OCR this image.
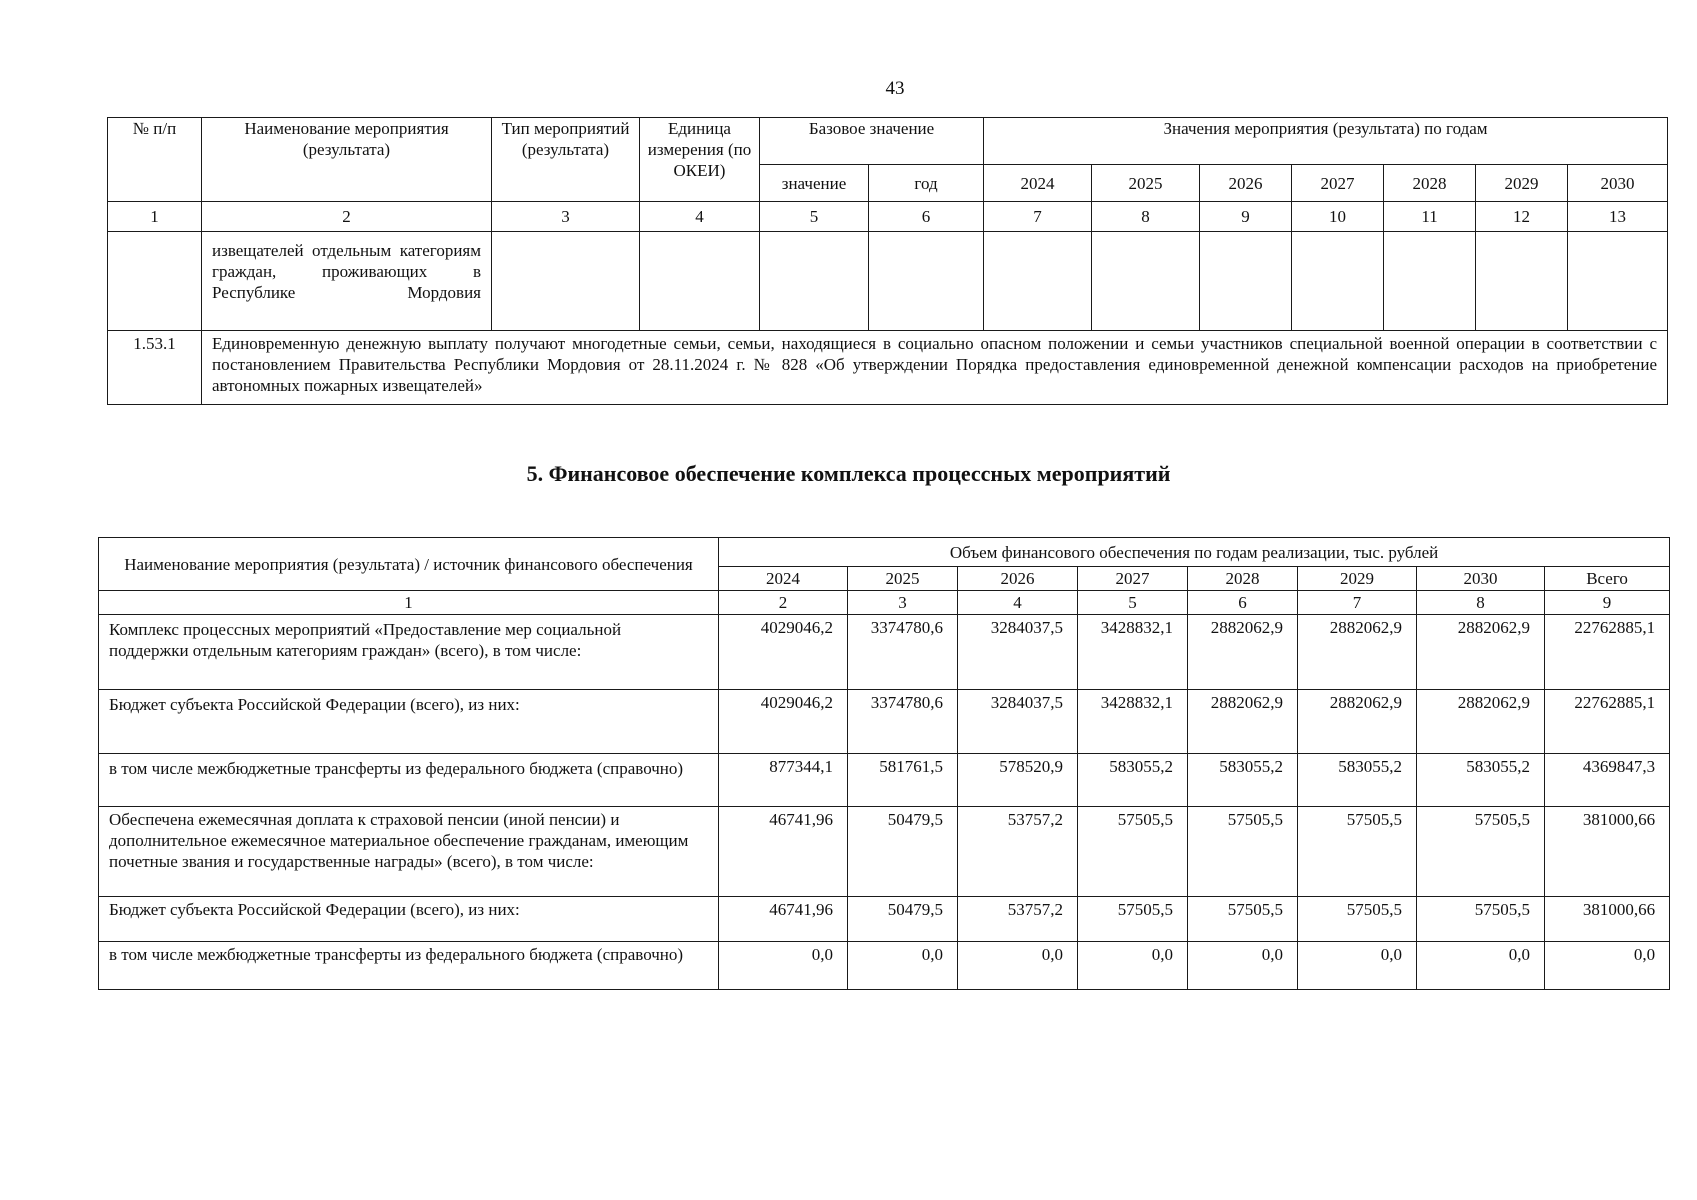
43
№ п/п	Наименование мероприятия (результата)	Тип мероприятий (результата)	Единица измерения (по ОКЕИ)	Базовое значение		Значения мероприятия (результата) по годам						
				значение	год	2024	2025	2026	2027	2028	2029	2030
1	2	3	4	5	6	7	8	9	10	11	12	13
	извещателей отдельным категориям граждан, проживающих в Республике Мордовия											
1.53.1	Единовременную денежную выплату получают многодетные семьи, семьи, находящиеся в социально опасном положении и семьи участников специальной военной операции в соответствии с постановлением Правительства Республики Мордовия от 28.11.2024 г. № 828 «Об утверждении Порядка предоставления единовременной денежной компенсации расходов на приобретение автономных пожарных извещателей»											
5. Финансовое обеспечение комплекса процессных мероприятий
Наименование мероприятия (результата) / источник финансового обеспечения	Объем финансового обеспечения по годам реализации, тыс. рублей							
	2024	2025	2026	2027	2028	2029	2030	Всего
1	2	3	4	5	6	7	8	9
Комплекс процессных мероприятий «Предоставление мер социальной поддержки отдельным категориям граждан» (всего), в том числе:	4029046,2	3374780,6	3284037,5	3428832,1	2882062,9	2882062,9	2882062,9	22762885,1
Бюджет субъекта Российской Федерации (всего), из них:	4029046,2	3374780,6	3284037,5	3428832,1	2882062,9	2882062,9	2882062,9	22762885,1
в том числе межбюджетные трансферты из федерального бюджета (справочно)	877344,1	581761,5	578520,9	583055,2	583055,2	583055,2	583055,2	4369847,3
Обеспечена ежемесячная доплата к страховой пенсии (иной пенсии) и дополнительное ежемесячное материальное обеспечение гражданам, имеющим почетные звания и государственные награды» (всего), в том числе:	46741,96	50479,5	53757,2	57505,5	57505,5	57505,5	57505,5	381000,66
Бюджет субъекта Российской Федерации (всего), из них:	46741,96	50479,5	53757,2	57505,5	57505,5	57505,5	57505,5	381000,66
в том числе межбюджетные трансферты из федерального бюджета (справочно)	0,0	0,0	0,0	0,0	0,0	0,0	0,0	0,0
